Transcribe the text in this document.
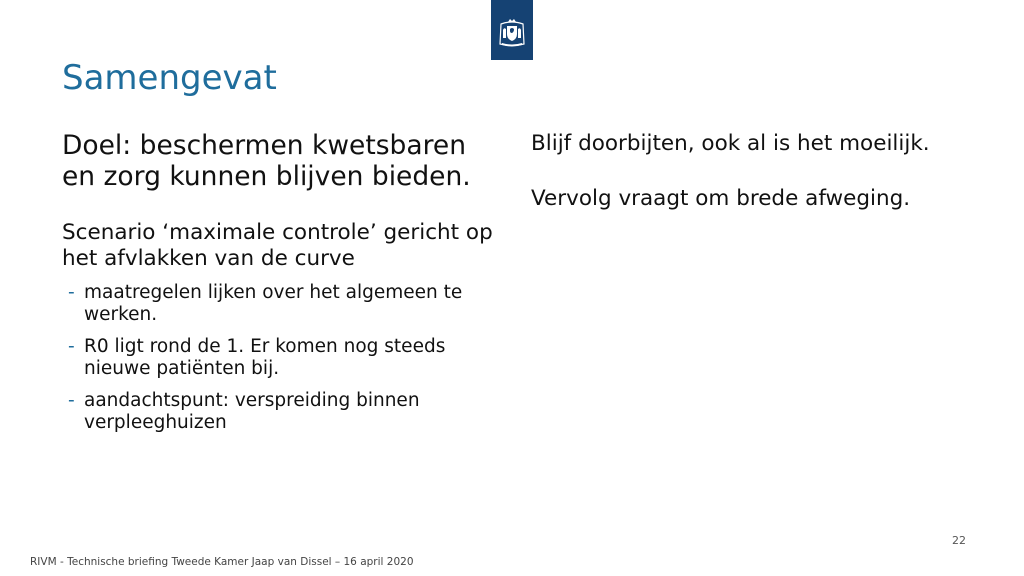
Samengevat

Doel: beschermen kwetsbaren en zorg kunnen blijven bieden.

Scenario ‘maximale controle’ gericht op het afvlakken van de curve

- maatregelen lijken over het algemeen te werken.
- R0 ligt rond de 1. Er komen nog steeds nieuwe patiënten bij.
- aandachtspunt: verspreiding binnen verpleeghuizen

Blijf doorbijten, ook al is het moeilijk.

Vervolg vraagt om brede afweging.

22
RIVM - Technische briefing Tweede Kamer Jaap van Dissel – 16 april 2020
